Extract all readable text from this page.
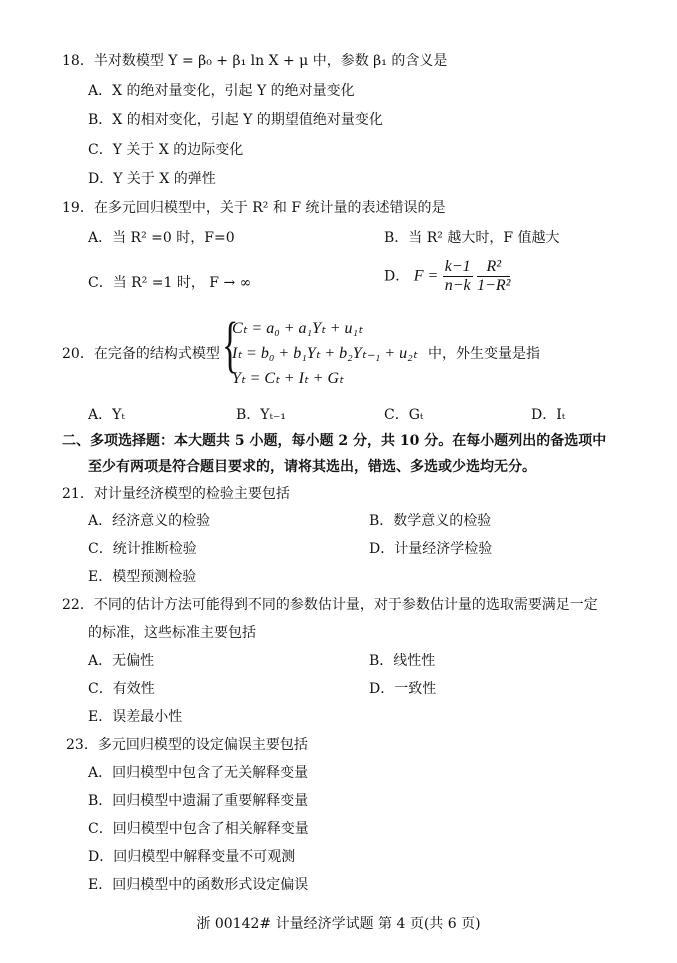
18．半对数模型 Y = β₀ + β₁ ln X + μ 中，参数 β₁ 的含义是
A．X 的绝对量变化，引起 Y 的绝对量变化
B．X 的相对变化，引起 Y 的期望值绝对量变化
C．Y 关于 X 的边际变化
D．Y 关于 X 的弹性
19．在多元回归模型中，关于 R² 和 F 统计量的表述错误的是
A．当 R² =0 时，F=0	B．当 R² 越大时，F 值越大
C．当 R² =1 时， F → ∞	D． $F = \frac{k-1}{n-k}$
$\frac{\text{R²}}{\text{1−R²}}$
20．在完备的结构式模型 {
Cₜ = a₀ + a₁Yₜ + u₁ₜ
Iₜ = b₀ + b₁Yₜ + b₂Yₜ₋₁ + u₂ₜ
Yₜ = Cₜ + Iₜ + Gₜ
中，外生变量是指
A．Yₜ	B．Yₜ₋₁	C．Gₜ	D．Iₜ
二、多项选择题：本大题共 5 小题，每小题 2 分，共 10 分。在每小题列出的备选项中
至少有两项是符合题目要求的，请将其选出，错选、多选或少选均无分。
21．对计量经济模型的检验主要包括
A．经济意义的检验	B．数学意义的检验
C．统计推断检验	D．计量经济学检验
E．模型预测检验
22．不同的估计方法可能得到不同的参数估计量，对于参数估计量的选取需要满足一定
的标准，这些标准主要包括
A．无偏性	B．线性性
C．有效性	D．一致性
E．误差最小性
23．多元回归模型的设定偏误主要包括
A．回归模型中包含了无关解释变量
B．回归模型中遗漏了重要解释变量
C．回归模型中包含了相关解释变量
D．回归模型中解释变量不可观测
E．回归模型中的函数形式设定偏误
浙 00142# 计量经济学试题 第 4 页(共 6 页)
